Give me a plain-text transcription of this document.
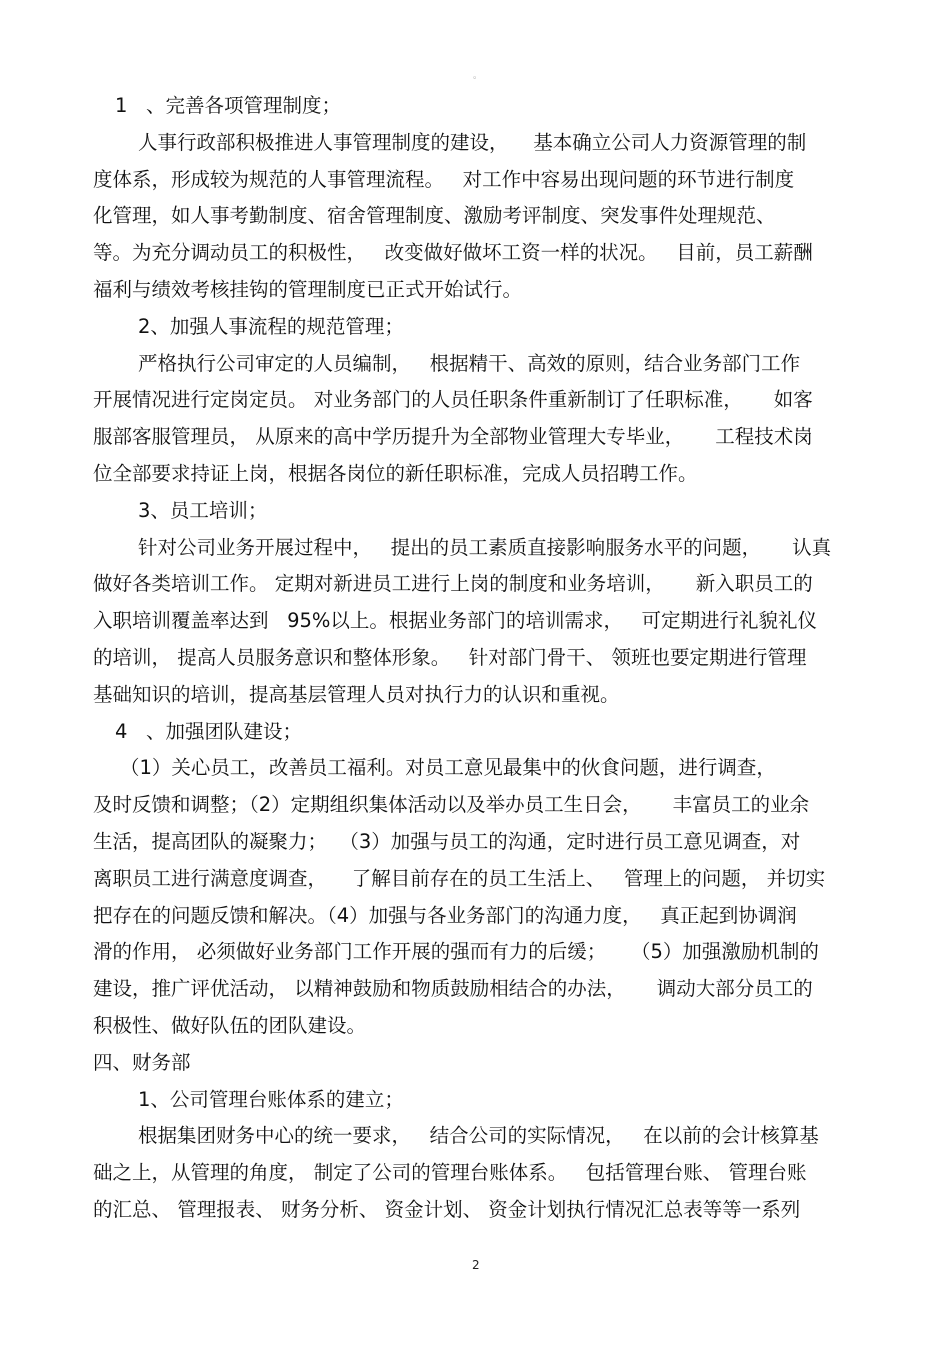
。
1   、完善各项管理制度；
人事行政部积极推进人事管理制度的建设，    基本确立公司人力资源管理的制
度体系，形成较为规范的人事管理流程。   对工作中容易出现问题的环节进行制度
化管理，如人事考勤制度、宿舍管理制度、激励考评制度、突发事件处理规范、
等。为充分调动员工的积极性，   改变做好做坏工资一样的状况。   目前，员工薪酬
福利与绩效考核挂钩的管理制度已正式开始试行。
2、加强人事流程的规范管理；
严格执行公司审定的人员编制，   根据精干、高效的原则，结合业务部门工作
开展情况进行定岗定员。 对业务部门的人员任职条件重新制订了任职标准，     如客
服部客服管理员， 从原来的高中学历提升为全部物业管理大专毕业，     工程技术岗
位全部要求持证上岗，根据各岗位的新任职标准，完成人员招聘工作。
3、员工培训；
针对公司业务开展过程中，   提出的员工素质直接影响服务水平的问题，     认真
做好各类培训工作。 定期对新进员工进行上岗的制度和业务培训，     新入职员工的
入职培训覆盖率达到   95%以上。根据业务部门的培训需求，   可定期进行礼貌礼仪
的培训， 提高人员服务意识和整体形象。   针对部门骨干、 领班也要定期进行管理
基础知识的培训，提高基层管理人员对执行力的认识和重视。
4   、加强团队建设；
（1）关心员工，改善员工福利。对员工意见最集中的伙食问题，进行调查，
及时反馈和调整；（2）定期组织集体活动以及举办员工生日会，     丰富员工的业余
生活，提高团队的凝聚力；  （3）加强与员工的沟通，定时进行员工意见调查，对
离职员工进行满意度调查，    了解目前存在的员工生活上、   管理上的问题， 并切实
把存在的问题反馈和解决。（4）加强与各业务部门的沟通力度，   真正起到协调润
滑的作用， 必须做好业务部门工作开展的强而有力的后缓；    （5）加强激励机制的
建设，推广评优活动， 以精神鼓励和物质鼓励相结合的办法，     调动大部分员工的
积极性、做好队伍的团队建设。
四、财务部
1、公司管理台账体系的建立；
根据集团财务中心的统一要求，   结合公司的实际情况，   在以前的会计核算基
础之上，从管理的角度， 制定了公司的管理台账体系。   包括管理台账、 管理台账
的汇总、 管理报表、 财务分析、 资金计划、 资金计划执行情况汇总表等等一系列
2
